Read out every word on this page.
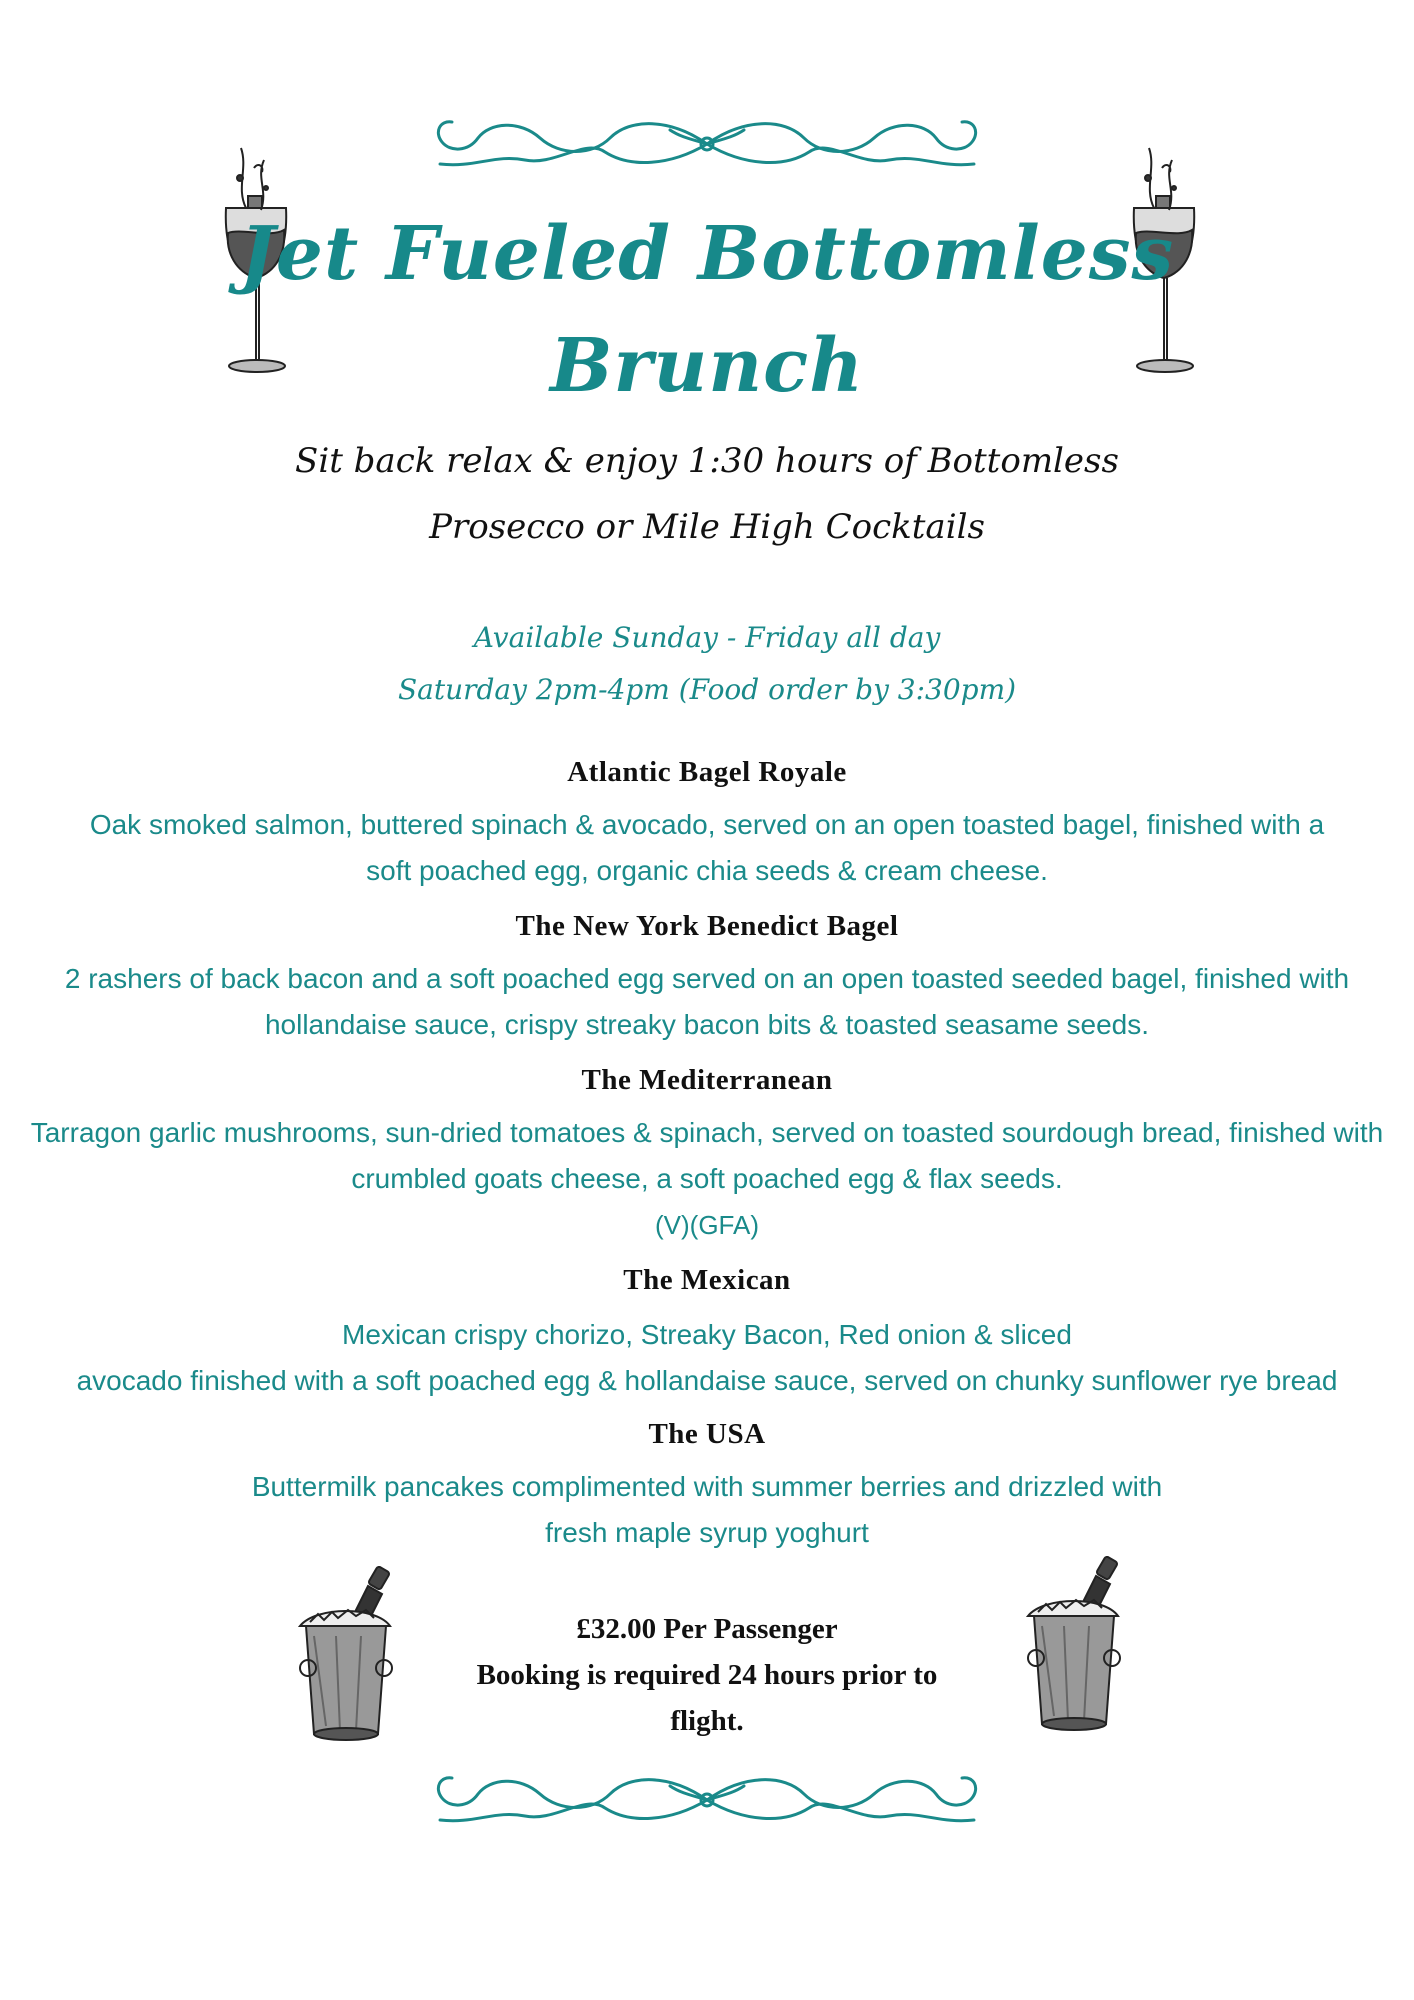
Jet Fueled Bottomless
Brunch
Sit back relax & enjoy 1:30 hours of Bottomless
Prosecco or Mile High Cocktails
Available Sunday - Friday all day
Saturday 2pm-4pm (Food order by 3:30pm)
Atlantic Bagel Royale
Oak smoked salmon, buttered spinach & avocado, served on an open toasted bagel, finished with a
soft poached egg, organic chia seeds & cream cheese.
The New York Benedict Bagel
2 rashers of back bacon and a soft poached egg served on an open toasted seeded bagel, finished with
hollandaise sauce, crispy streaky bacon bits & toasted seasame seeds.
The Mediterranean
Tarragon garlic mushrooms, sun-dried tomatoes & spinach, served on toasted sourdough bread, finished with
crumbled goats cheese, a soft poached egg & flax seeds.
(V)(GFA)
The Mexican
Mexican crispy chorizo, Streaky Bacon, Red onion & sliced
avocado finished with a soft poached egg & hollandaise sauce, served on chunky sunflower rye bread
The USA
Buttermilk pancakes complimented with summer berries and drizzled with
fresh maple syrup yoghurt
£32.00 Per Passenger
Booking is required 24 hours prior to
flight.
